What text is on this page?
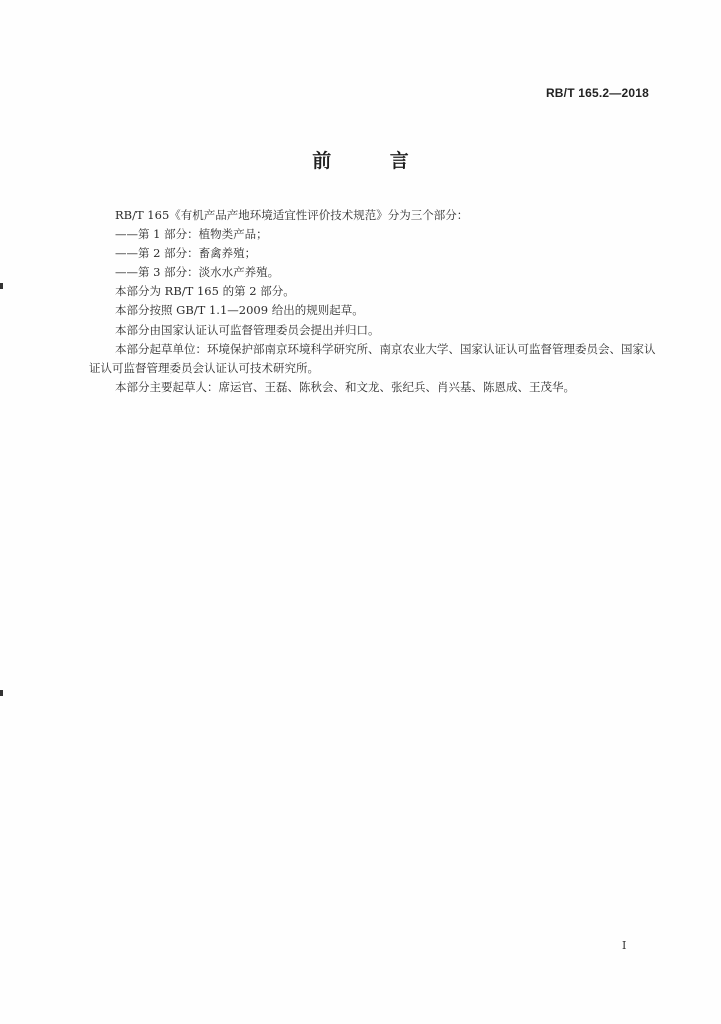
RB/T 165.2—2018
前 言

RB/T 165《有机产品产地环境适宜性评价技术规范》分为三个部分：

——第 1 部分：植物类产品；

——第 2 部分：畜禽养殖；

——第 3 部分：淡水水产养殖。

本部分为 RB/T 165 的第 2 部分。

本部分按照 GB/T 1.1—2009 给出的规则起草。

本部分由国家认证认可监督管理委员会提出并归口。

本部分起草单位：环境保护部南京环境科学研究所、南京农业大学、国家认证认可监督管理委员会、国家认证认可监督管理委员会认证认可技术研究所。

本部分主要起草人：席运官、王磊、陈秋会、和文龙、张纪兵、肖兴基、陈恩成、王茂华。

I
